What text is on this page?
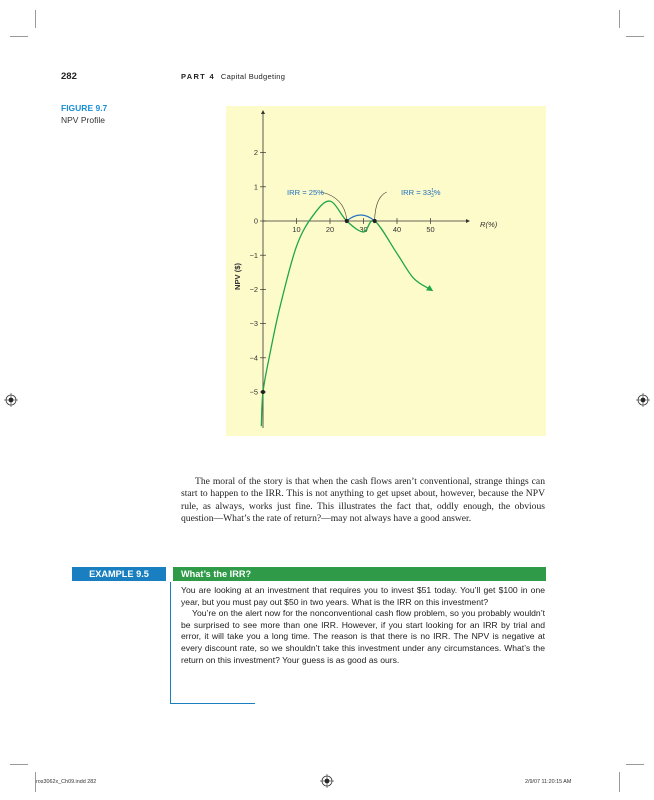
282	PART 4 Capital Budgeting
FIGURE 9.7
NPV Profile
−5
−4
−3
−2
−1
0
1
2
10	20	30	40	50
IRR = 25%	IRR = $33^1$ 3%
R(%)
NPV ($)

The moral of the story is that when the cash flows aren’t conventional, strange things can start to happen to the IRR. This is not anything to get upset about, however, because the NPV rule, as always, works just fine. This illustrates the fact that, oddly enough, the obvious question—What’s the rate of return?—may not always have a good answer.

EXAMPLE 9.5	What’s the IRR?

You are looking at an investment that requires you to invest $51 today. You’ll get $100 in one year, but you must pay out $50 in two years. What is the IRR on this investment?

You’re on the alert now for the nonconventional cash flow problem, so you probably wouldn’t be surprised to see more than one IRR. However, if you start looking for an IRR by trial and error, it will take you a long time. The reason is that there is no IRR. The NPV is negative at every discount rate, so we shouldn’t take this investment under any circumstances. What’s the return on this investment? Your guess is as good as ours.

ros3062x_Ch09.indd 282	2/9/07 11:20:15 AM
